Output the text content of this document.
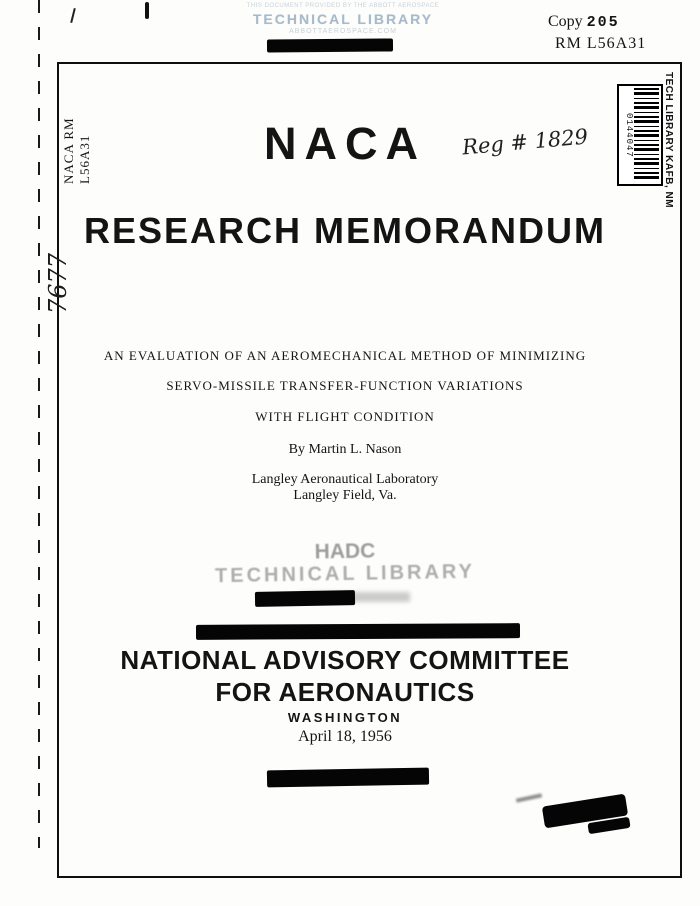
THIS DOCUMENT PROVIDED BY THE ABBOTT AEROSPACE
TECHNICAL LIBRARY
ABBOTTAEROSPACE.COM
Copy 205
RM L56A31
NACA RM L56A31
7677
TECH LIBRARY KAFB, NM
0144047
NACA	Reg # 1829
RESEARCH MEMORANDUM
AN EVALUATION OF AN AEROMECHANICAL METHOD OF MINIMIZING
SERVO-MISSILE TRANSFER-FUNCTION VARIATIONS
WITH FLIGHT CONDITION
By Martin L. Nason
Langley Aeronautical Laboratory
Langley Field, Va.
HADC
TECHNICAL LIBRARY
NATIONAL ADVISORY COMMITTEE
FOR AERONAUTICS
WASHINGTON
April 18, 1956
